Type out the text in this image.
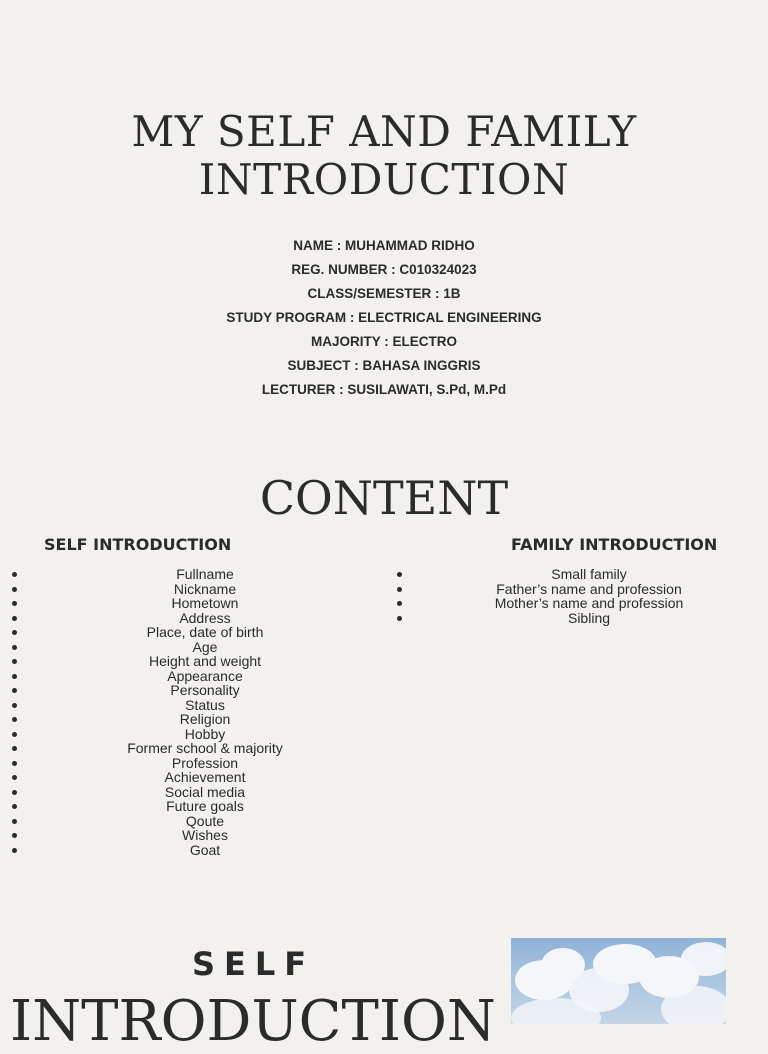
MY SELF AND FAMILY
INTRODUCTION
NAME : MUHAMMAD RIDHO
REG. NUMBER : C010324023
CLASS/SEMESTER : 1B
STUDY PROGRAM : ELECTRICAL ENGINEERING
MAJORITY : ELECTRO
SUBJECT : BAHASA INGGRIS
LECTURER : SUSILAWATI, S.Pd, M.Pd
CONTENT
SELF INTRODUCTION	FAMILY INTRODUCTION
Fullname
Nickname
Hometown
Address
Place, date of birth
Age
Height and weight
Appearance
Personality
Status
Religion
Hobby
Former school & majority
Profession
Achievement
Social media
Future goals
Qoute
Wishes
Goat
Small family
Father’s name and profession
Mother’s name and profession
Sibling
SELF
INTRODUCTION
